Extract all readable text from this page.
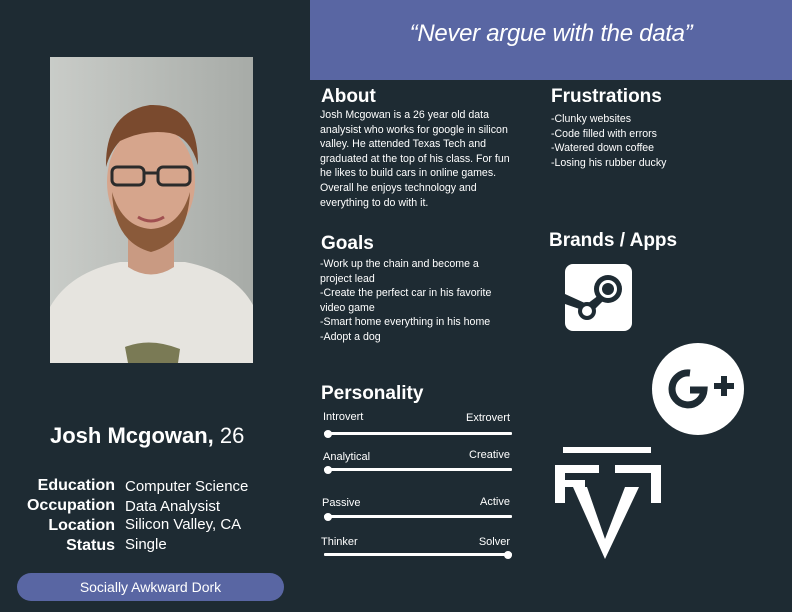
“Never argue with the data”
Josh Mcgowan, 26
Education Computer Science
Occupation Data Analysist
Location Silicon Valley, CA
Status Single
Socially Awkward Dork
About
Josh Mcgowan is a 26 year old data
analysist who works for google in silicon
valley. He attended Texas Tech and
graduated at the top of his class. For fun
he likes to build cars in online games.
Overall he enjoys technology and
everything to do with it.
Goals
-Work up the chain and become a
project lead
-Create the perfect car in his favorite
video game
-Smart home everything in his home
-Adopt a dog
Frustrations
-Clunky websites
-Code filled with errors
-Watered down coffee
-Losing his rubber ducky
Brands / Apps
Personality
Introvert	Extrovert
Analytical	Creative
Passive	Active
Thinker	Solver
